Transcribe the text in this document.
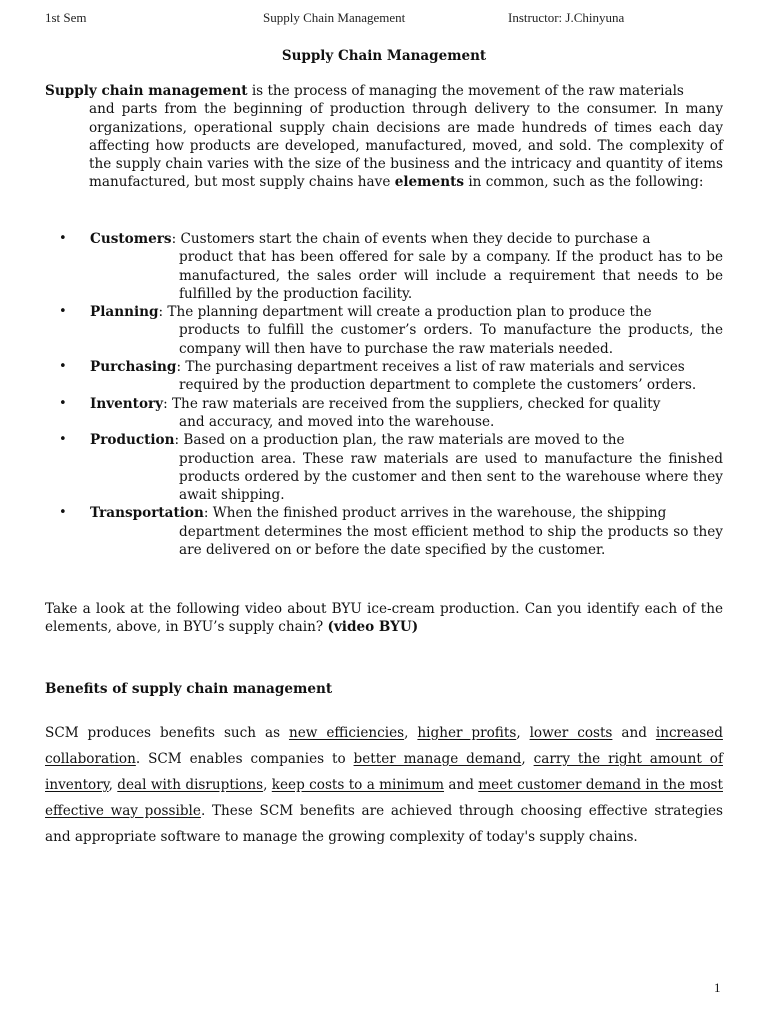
1st Sem	Supply Chain Management	Instructor: J.Chinyuna
Supply Chain Management

Supply chain management is the process of managing the movement of the raw materials

and parts from the beginning of production through delivery to the consumer. In many organizations, operational supply chain decisions are made hundreds of times each day affecting how products are developed, manufactured, moved, and sold. The complexity of the supply chain varies with the size of the business and the intricacy and quantity of items manufactured, but most supply chains have elements in common, such as the following:

• Customers: Customers start the chain of events when they decide to purchase a
product that has been offered for sale by a company. If the product has to be manufactured, the sales order will include a requirement that needs to be fulfilled by the production facility.
• Planning: The planning department will create a production plan to produce the
products to fulfill the customer’s orders. To manufacture the products, the company will then have to purchase the raw materials needed.
• Purchasing: The purchasing department receives a list of raw materials and services
required by the production department to complete the customers’ orders.
• Inventory: The raw materials are received from the suppliers, checked for quality
and accuracy, and moved into the warehouse.
• Production: Based on a production plan, the raw materials are moved to the
production area. These raw materials are used to manufacture the finished products ordered by the customer and then sent to the warehouse where they await shipping.
• Transportation: When the finished product arrives in the warehouse, the shipping
department determines the most efficient method to ship the products so they are delivered on or before the date specified by the customer.

Take a look at the following video about BYU ice-cream production. Can you identify each of the elements, above, in BYU’s supply chain? (video BYU)

Benefits of supply chain management

SCM produces benefits such as new efficiencies, higher profits, lower costs and increased collaboration. SCM enables companies to better manage demand, carry the right amount of inventory, deal with disruptions, keep costs to a minimum and meet customer demand in the most effective way possible. These SCM benefits are achieved through choosing effective strategies and appropriate software to manage the growing complexity of today's supply chains.

1
